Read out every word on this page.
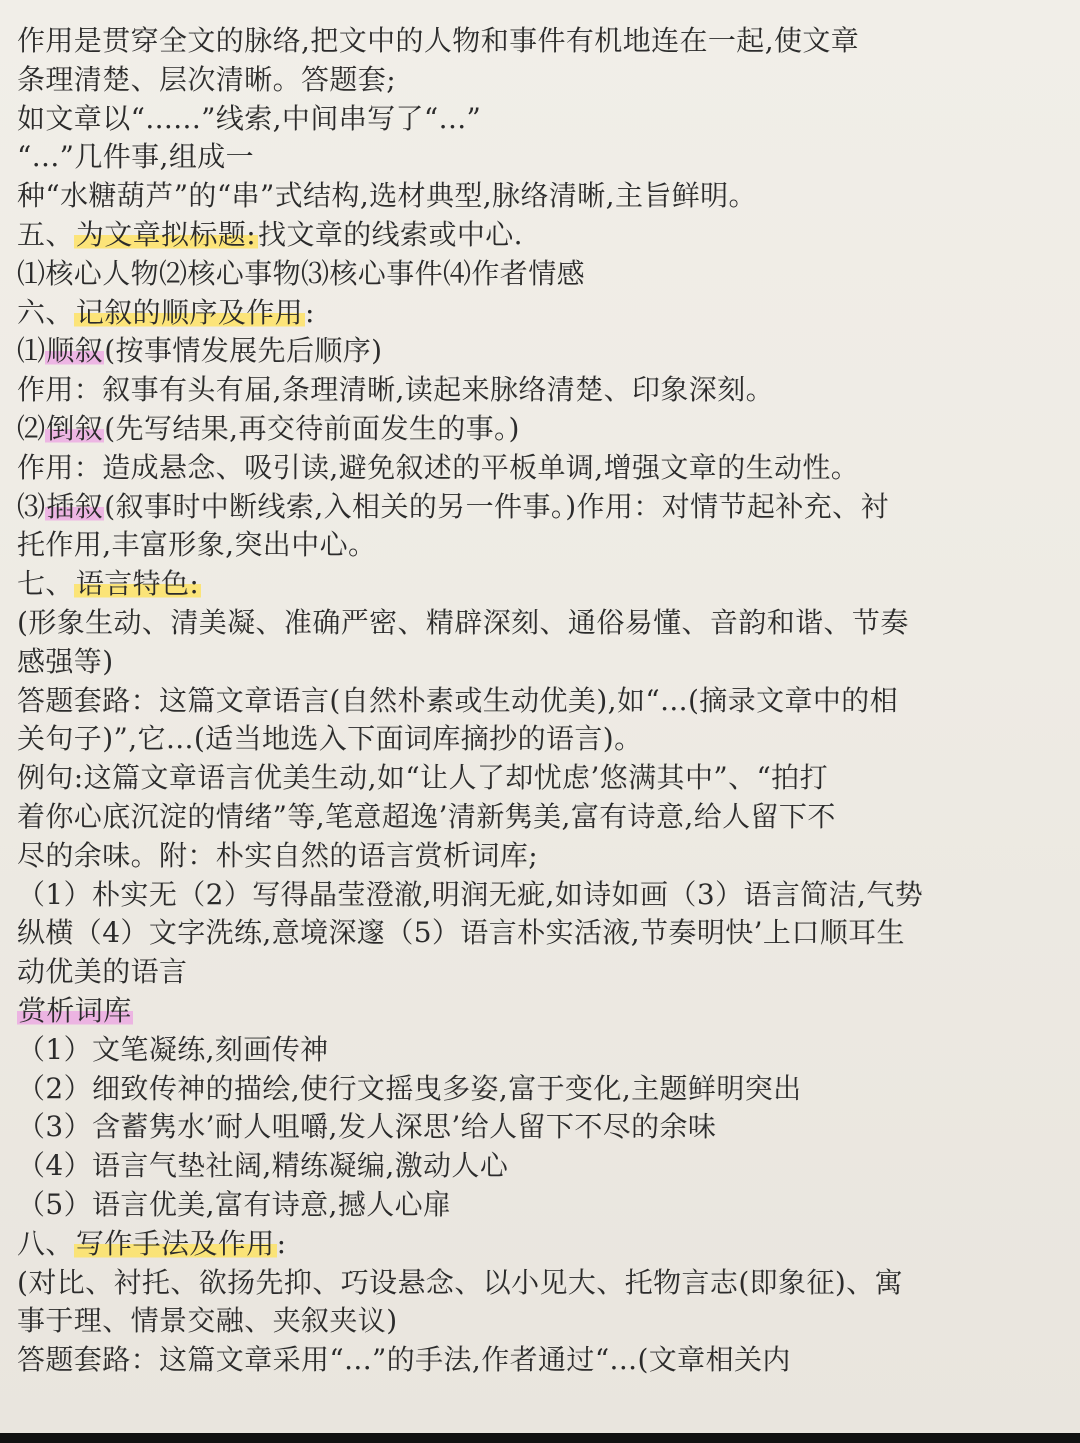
作用是贯穿全文的脉络,把文中的人物和事件有机地连在一起,使文章
条理清楚、层次清晰。答题套;
如文章以“......”线索,中间串写了“...”
“...”几件事,组成一
种“水糖葫芦”的“串”式结构,选材典型,脉络清晰,主旨鲜明。
五、为文章拟标题:找文章的线索或中心.
⑴核心人物⑵核心事物⑶核心事件⑷作者情感
六、记叙的顺序及作用:
⑴顺叙(按事情发展先后顺序)
作用：叙事有头有届,条理清晰,读起来脉络清楚、印象深刻。
⑵倒叙(先写结果,再交待前面发生的事。)
作用：造成悬念、吸引读,避免叙述的平板单调,增强文章的生动性。
⑶插叙(叙事时中断线索,入相关的另一件事。)作用：对情节起补充、衬
托作用,丰富形象,突出中心。
七、语言特色:
(形象生动、清美凝、准确严密、精辟深刻、通俗易懂、音韵和谐、节奏
感强等)
答题套路：这篇文章语言(自然朴素或生动优美),如“...(摘录文章中的相
关句子)”,它...(适当地选入下面词库摘抄的语言)。
例句:这篇文章语言优美生动,如“让人了却忧虑’悠满其中”、“拍打
着你心底沉淀的情绪”等,笔意超逸’清新隽美,富有诗意,给人留下不
尽的余味。附：朴实自然的语言赏析词库;
（1）朴实无（2）写得晶莹澄澈,明润无疵,如诗如画（3）语言简洁,气势
纵横（4）文字洗练,意境深邃（5）语言朴实活液,节奏明快’上口顺耳生
动优美的语言
赏析词库
（1）文笔凝练,刻画传神
（2）细致传神的描绘,使行文摇曳多姿,富于变化,主题鲜明突出
（3）含蓄隽水’耐人咀嚼,发人深思’给人留下不尽的余味
（4）语言气垫社阔,精练凝编,激动人心
（5）语言优美,富有诗意,撼人心扉
八、写作手法及作用:
(对比、衬托、欲扬先抑、巧设悬念、以小见大、托物言志(即象征)、寓
事于理、情景交融、夹叙夹议)
答题套路：这篇文章采用“...”的手法,作者通过“...(文章相关内
